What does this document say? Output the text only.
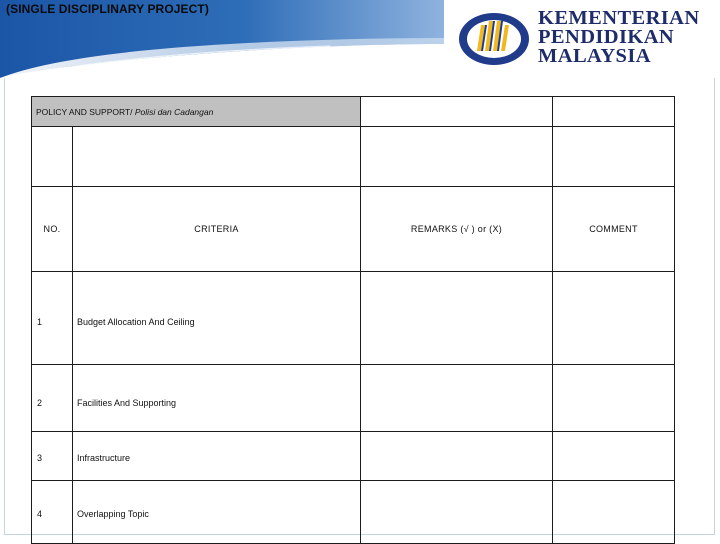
(SINGLE DISCIPLINARY PROJECT)	KEMENTERIAN
PENDIDIKAN
MALAYSIA
POLICY AND SUPPORT/ Polisi dan Cadangan			

NO.	CRITERIA	REMARKS (√ ) or (X)	COMMENT
1	Budget Allocation And Ceiling		
2	Facilities And Supporting		
3	Infrastructure		
4	Overlapping Topic		
